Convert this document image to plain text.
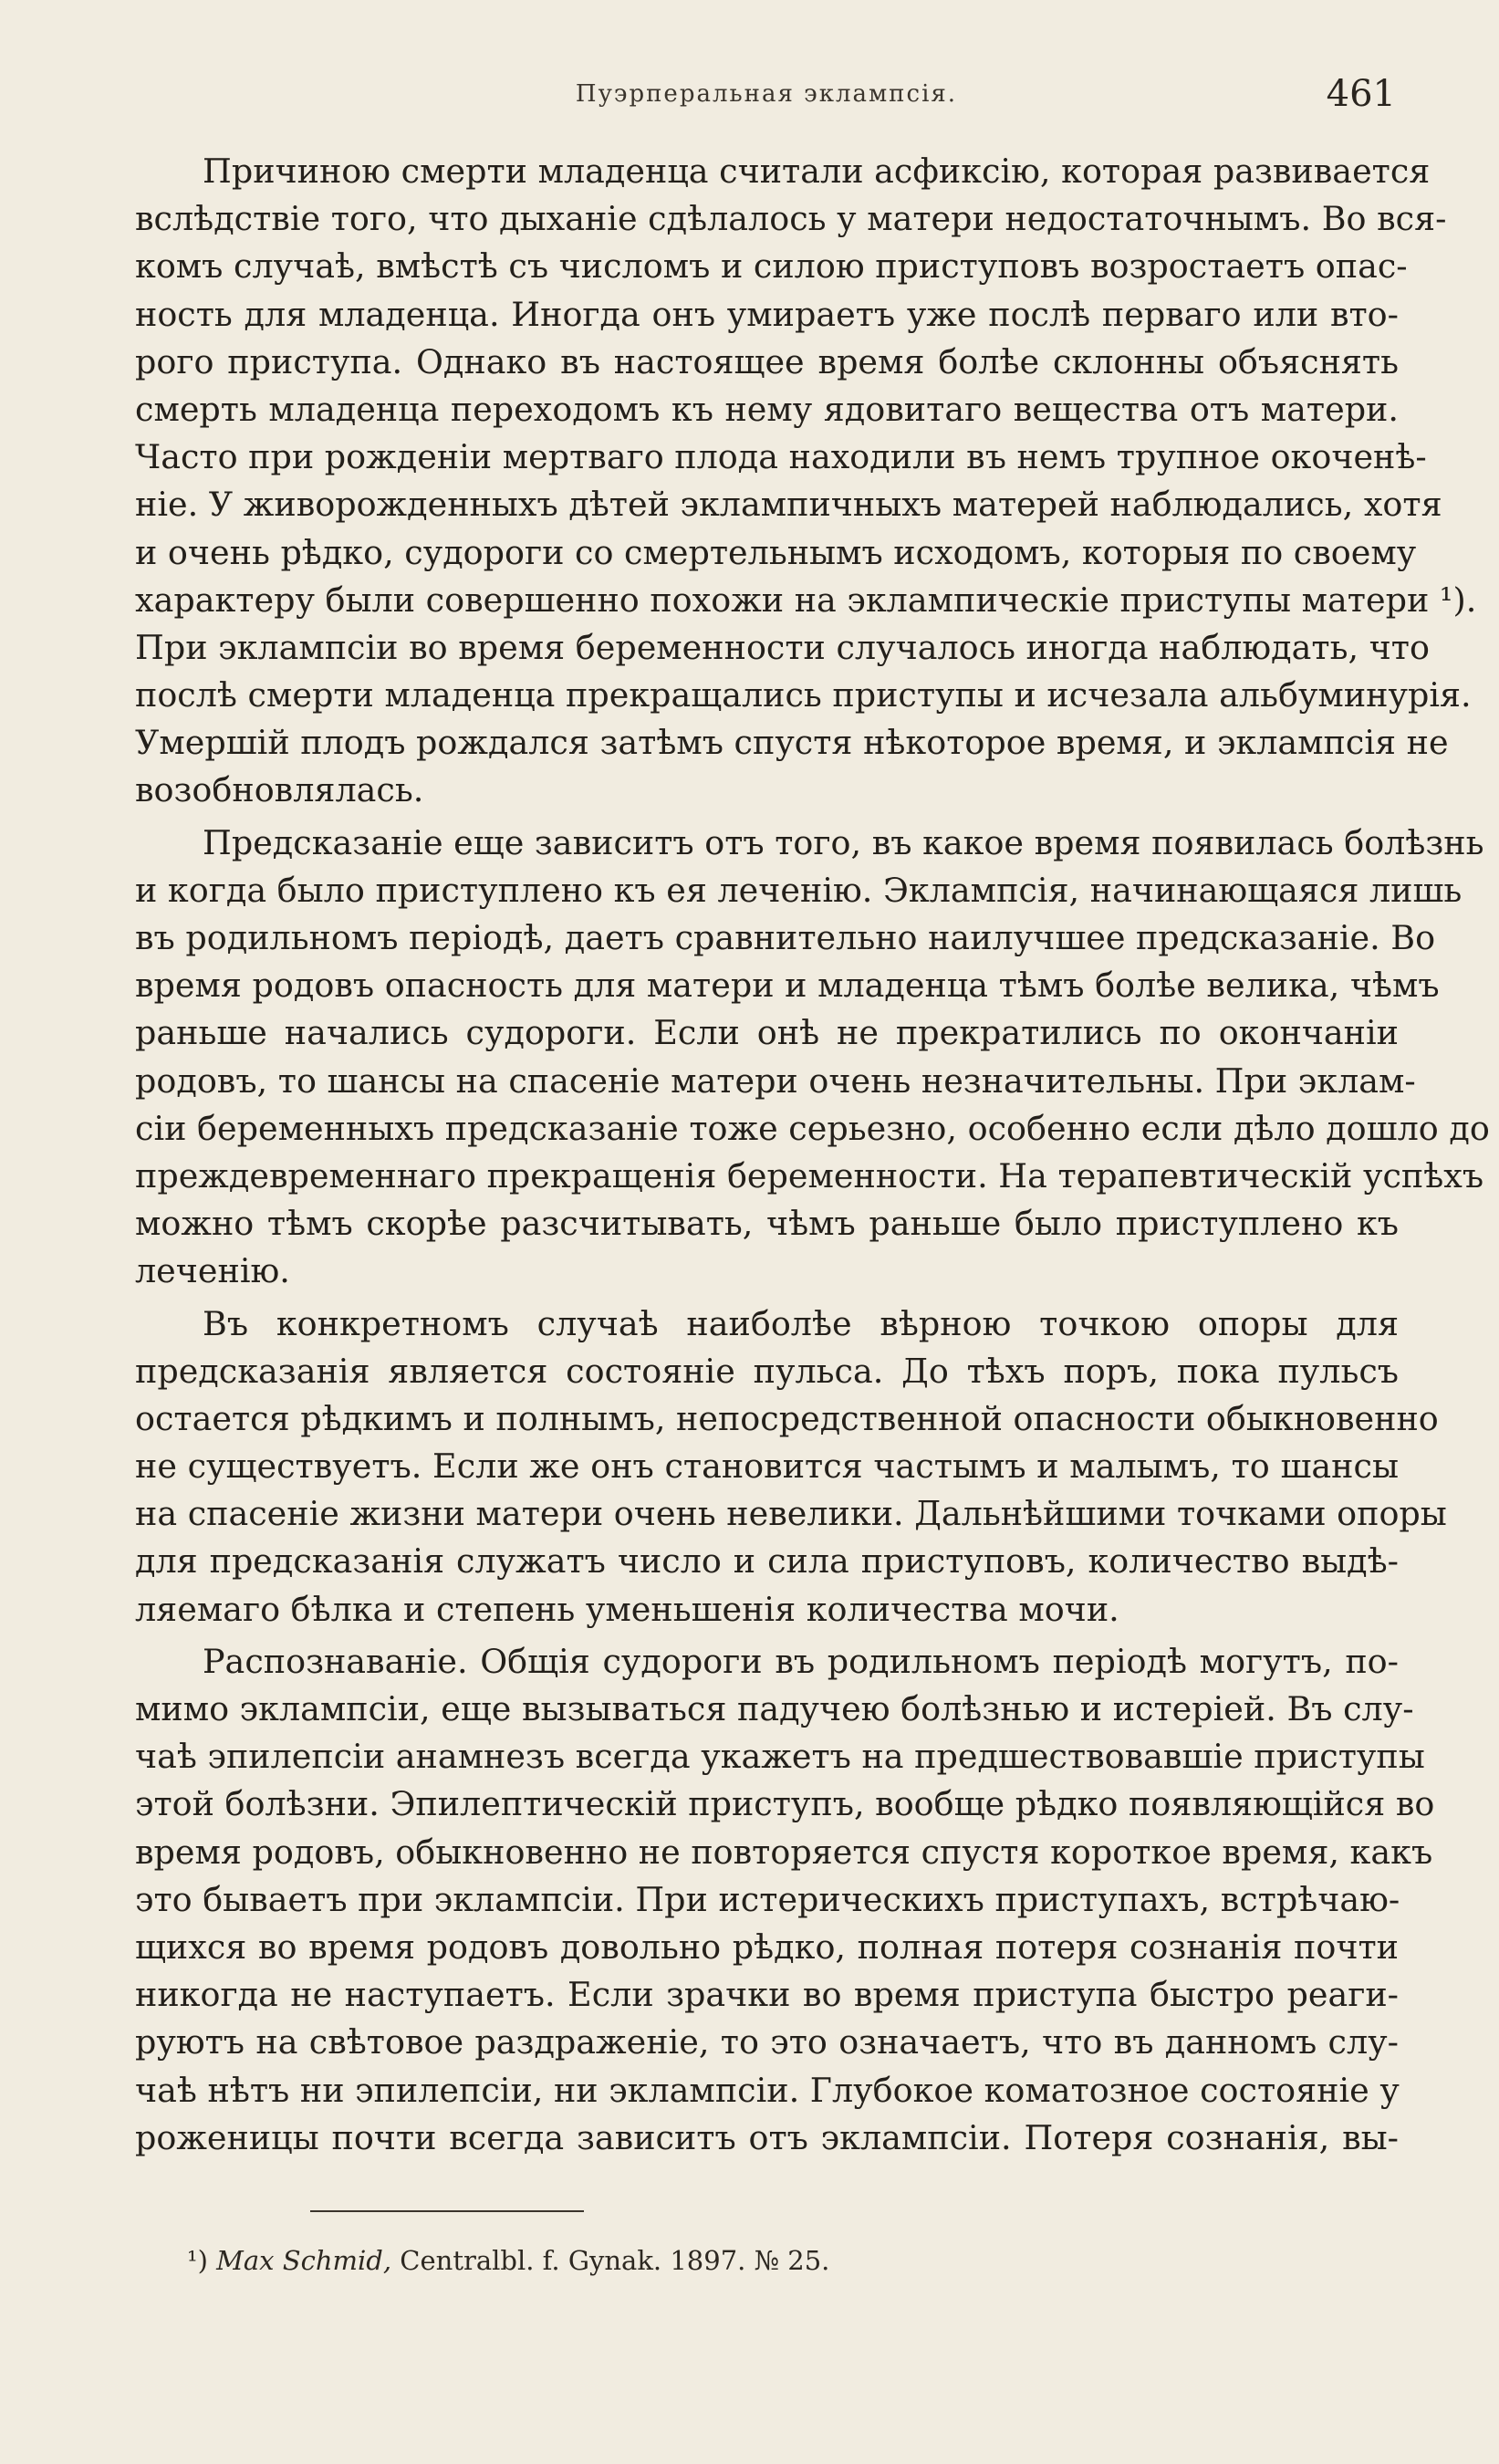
Пуэрперальная эклампсія.	461
Причиною смерти младенца считали асфиксію, которая развивается
вслѣдствіе того, что дыханіе сдѣлалось у матери недостаточнымъ. Во вся-
комъ случаѣ, вмѣстѣ съ числомъ и силою приступовъ возростаетъ опас-
ность для младенца. Иногда онъ умираетъ уже послѣ перваго или вто-
рого приступа. Однако въ настоящее время болѣе склонны объяснять
смерть младенца переходомъ къ нему ядовитаго вещества отъ матери.
Часто при рожденіи мертваго плода находили въ немъ трупное окоченѣ-
ніе. У живорожденныхъ дѣтей эклампичныхъ матерей наблюдались, хотя
и очень рѣдко, судороги со смертельнымъ исходомъ, которыя по своему
характеру были совершенно похожи на эклампическіе приступы матери ¹).
При эклампсіи во время беременности случалось иногда наблюдать, что
послѣ смерти младенца прекращались приступы и исчезала альбуминурія.
Умершій плодъ рождался затѣмъ спустя нѣкоторое время, и эклампсія не
возобновлялась.
Предсказаніе еще зависитъ отъ того, въ какое время появилась болѣзнь
и когда было приступлено къ ея леченію. Эклампсія, начинающаяся лишь
въ родильномъ періодѣ, даетъ сравнительно наилучшее предсказаніе. Во
время родовъ опасность для матери и младенца тѣмъ болѣе велика, чѣмъ
раньше начались судороги. Если онѣ не прекратились по окончаніи
родовъ, то шансы на спасеніе матери очень незначительны. При эклам-
сіи беременныхъ предсказаніе тоже серьезно, особенно если дѣло дошло до
преждевременнаго прекращенія беременности. На терапевтическій успѣхъ
можно тѣмъ скорѣе разсчитывать, чѣмъ раньше было приступлено къ
леченію.
Въ конкретномъ случаѣ наиболѣе вѣрною точкою опоры для
предсказанія является состояніе пульса. До тѣхъ поръ, пока пульсъ
остается рѣдкимъ и полнымъ, непосредственной опасности обыкновенно
не существуетъ. Если же онъ становится частымъ и малымъ, то шансы
на спасеніе жизни матери очень невелики. Дальнѣйшими точками опоры
для предсказанія служатъ число и сила приступовъ, количество выдѣ-
ляемаго бѣлка и степень уменьшенія количества мочи.
Распознаваніе. Общія судороги въ родильномъ періодѣ могутъ, по-
мимо эклампсіи, еще вызываться падучею болѣзнью и истеріей. Въ слу-
чаѣ эпилепсіи анамнезъ всегда укажетъ на предшествовавшіе приступы
этой болѣзни. Эпилептическій приступъ, вообще рѣдко появляющійся во
время родовъ, обыкновенно не повторяется спустя короткое время, какъ
это бываетъ при эклампсіи. При истерическихъ приступахъ, встрѣчаю-
щихся во время родовъ довольно рѣдко, полная потеря сознанія почти
никогда не наступаетъ. Если зрачки во время приступа быстро реаги-
руютъ на свѣтовое раздраженіе, то это означаетъ, что въ данномъ слу-
чаѣ нѣтъ ни эпилепсіи, ни эклампсіи. Глубокое коматозное состояніе у
роженицы почти всегда зависитъ отъ эклампсіи. Потеря сознанія, вы-
¹) Max Schmid, Centralbl. f. Gynak. 1897. № 25.
